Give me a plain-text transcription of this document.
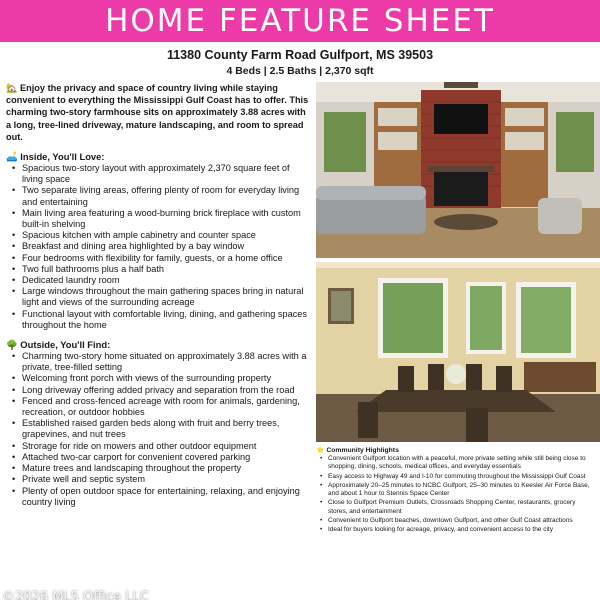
HOME FEATURE SHEET
11380 County Farm Road Gulfport, MS 39503
4 Beds | 2.5 Baths | 2,370 sqft

🏡 Enjoy the privacy and space of country living while staying convenient to everything the Mississippi Gulf Coast has to offer. This charming two-story farmhouse sits on approximately 3.88 acres with a long, tree-lined driveway, mature landscaping, and room to spread out.

🛋️ Inside, You'll Love:
• Spacious two-story layout with approximately 2,370 square feet of living space
• Two separate living areas, offering plenty of room for everyday living and entertaining
• Main living area featuring a wood-burning brick fireplace with custom built-in shelving
• Spacious kitchen with ample cabinetry and counter space
• Breakfast and dining area highlighted by a bay window
• Four bedrooms with flexibility for family, guests, or a home office
• Two full bathrooms plus a half bath
• Dedicated laundry room
• Large windows throughout the main gathering spaces bring in natural light and views of the surrounding acreage
• Functional layout with comfortable living, dining, and gathering spaces throughout the home
🌳 Outside, You'll Find:
• Charming two-story home situated on approximately 3.88 acres with a private, tree-filled setting
• Welcoming front porch with views of the surrounding property
• Long driveway offering added privacy and separation from the road
• Fenced and cross-fenced acreage with room for animals, gardening, recreation, or outdoor hobbies
• Established raised garden beds along with fruit and berry trees, grapevines, and nut trees
• Strorage for ride on mowers and other outdoor equipment
• Attached two-car carport for convenient covered parking
• Mature trees and landscaping throughout the property
• Private well and septic system
• Plenty of open outdoor space for entertaining, relaxing, and enjoying country living
⭐ Community Highlights
• Convenient Gulfport location with a peaceful, more private setting while still being close to shopping, dining, schools, medical offices, and everyday essentials
• Easy access to Highway 49 and I-10 for commuting throughout the Mississippi Gulf Coast
• Approximately 20–25 minutes to NCBC Gulfport, 25–30 minutes to Keesler Air Force Base, and about 1 hour to Stennis Space Center
• Close to Gulfport Premium Outlets, Crossroads Shopping Center, restaurants, grocery stores, and entertainment
• Convenient to Gulfport beaches, downtown Gulfport, and other Gulf Coast attractions
• Ideal for buyers looking for acreage, privacy, and convenient access to the city
©2026 MLS Office LLC
